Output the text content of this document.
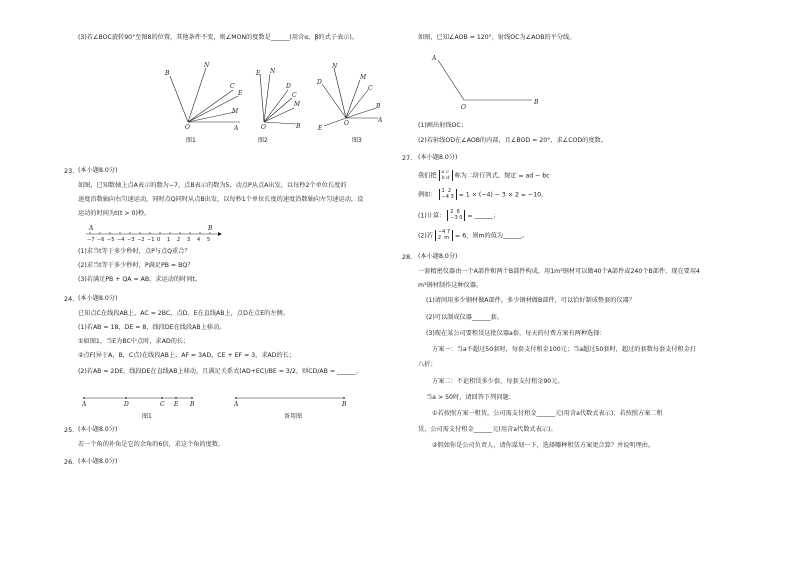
(3)若∠BOC旋转90°至图8的位置，其他条件不变，则∠MON的度数是______(用含α、β的式子表示)。
B
N
C
E
M
O	A
图1
E N
D
C
M
B
O
图2
N
M
D
C
B
O
E
A
图3
23. (本小题8.0分)
如图，已知数轴上点A表示的数为−7，点B表示的数为5，动点P从点A出发，以每秒2个单位长度的
速度沿数轴向右匀速运动，同时点Q同时从点B出发，以每秒1个单位长度的速度沿数轴向左匀速运动，设
运动的时间为t(t > 0)秒。
−7 −6 −5 −4 −3 −2 −1 0 1 2 3 4 5
A	B
(1)求当t等于多少秒时，点P与点Q重合？
(2)求当t等于多少秒时，P满足PB = BQ？
(3)若满足PB + QA = AB，求运动的时间t。
24. (本小题8.0分)
已知点C在线段AB上，AC = 2BC，点D、E在直线AB上，点D在点E的左侧。
(1)若AB = 18，DE = 8，线段DE在线段AB上移动。
①如图1，当E为BC中点时，求AD的长；
②点F(异于A，B，C点)在线段AB上，AF = 3AD，CE + EF = 3，求AD的长；
(2)若AB = 2DE，线段DE在直线AB上移动，且满足关系式(AD+EC)/BE = 3/2，则CD/AB = ______。
A	D	C E B
图1
A	B
备用图
25. (本小题8.0分)
若一个角的补角是它的余角的6倍，求这个角的度数。
26. (本小题8.0分)
如图，已知∠AOB = 120°，射线OC为∠AOB的平分线。
A
O
B
(1)画出射线OC；
(2)若射线OD在∠AOB的内部，且∠BOD = 20°，求∠COD的度数。
27. (本小题8.0分)
我们把 a c
b d 称为二阶行列式，规定 = ad − bc
例如： 1 2
−4 3 = 1 × (−4) − 3 × 2 = −10。
(1)计算： 2 6
−3 0 = ______；
(2)若 −4 7
2 m = 6，则m的值为______。
28. (本小题8.0分)
一套精密仪器由一个A部件和两个B部件构成，用1m³钢材可以做40个A部件或240个B部件，现在要用4
m³钢材制作这种仪器。
(1)请问用多少钢材做A部件，多少钢材做B部件，可以恰好制成整套的仪器？
(2)可以制成仪器______套。
(3)现在某公司要租赁这批仪器a套，每天的付费方案有两种选择：
方案一：当a不超过50套时，每套支付租金100元；当a超过50套时，超过的套数每套支付租金打
八折；
方案二：不论租赁多少套，每套支付租金90元。
当a > 50时，请回答下列问题：
①若按照方案一租赁，公司需支付租金______元(用含a代数式表示)；若按照方案二租
赁，公司需支付租金______元(用含a代数式表示)。
②假如你是公司负责人，请你谋划一下，选择哪种租赁方案更合算？并说明理由。
